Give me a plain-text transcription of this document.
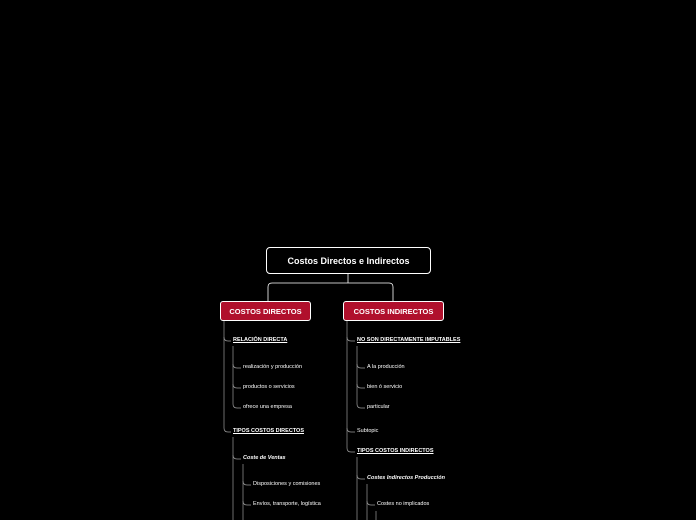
Costos Directos e Indirectos
COSTOS DIRECTOS	COSTOS INDIRECTOS
RELACIÓN DIRECTA
realización y producción
productos o servicios
ofrece una empresa
TIPOS COSTOS DIRECTOS
Coste de Ventas
Disposiciones y comisiones
Envíos, transporte, logística
NO SON DIRECTAMENTE IMPUTABLES
A la producción
bien ó servicio
particular
Subtopic
TIPOS COSTOS INDIRECTOS
Costes Indirectos Producción
Costes no implicados
